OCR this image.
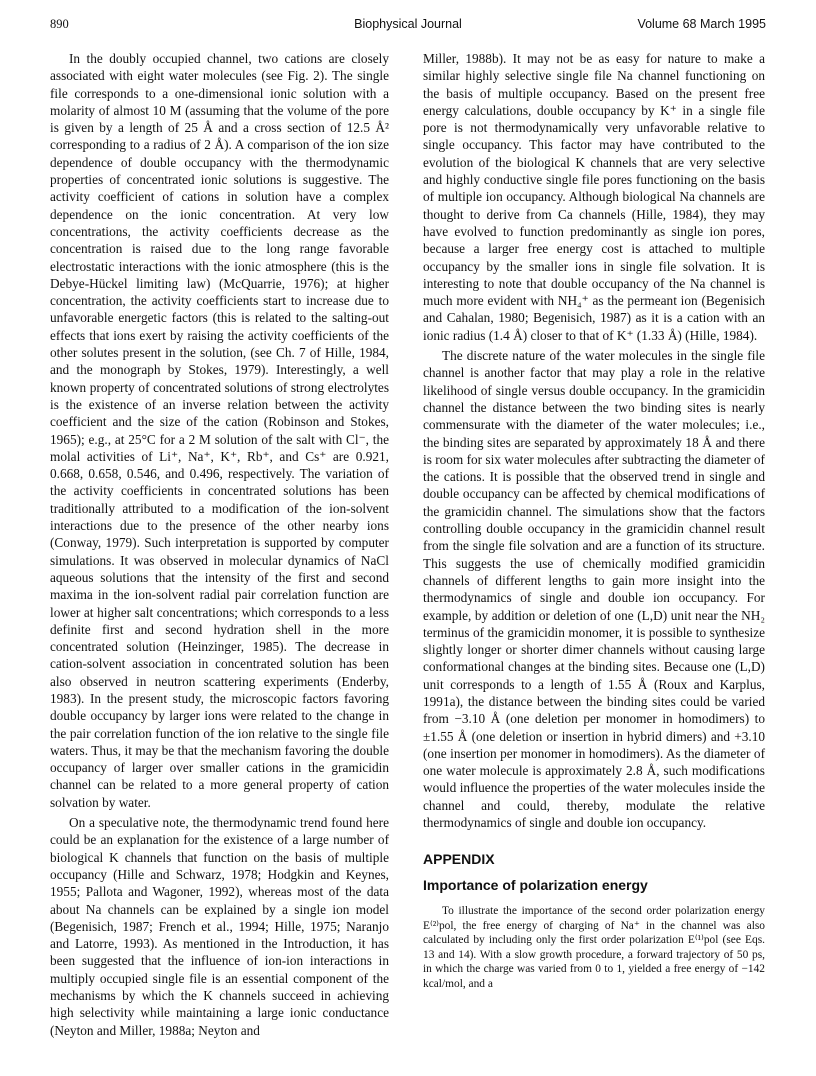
890	Biophysical Journal	Volume 68 March 1995

In the doubly occupied channel, two cations are closely associated with eight water molecules (see Fig. 2). The single file corresponds to a one-dimensional ionic solution with a molarity of almost 10 M (assuming that the volume of the pore is given by a length of 25 Å and a cross section of 12.5 Å² corresponding to a radius of 2 Å). A comparison of the ion size dependence of double occupancy with the thermodynamic properties of concentrated ionic solutions is suggestive. The activity coefficient of cations in solution have a complex dependence on the ionic concentration. At very low concentrations, the activity coefficients decrease as the concentration is raised due to the long range favorable electrostatic interactions with the ionic atmosphere (this is the Debye-Hückel limiting law) (McQuarrie, 1976); at higher concentration, the activity coefficients start to increase due to unfavorable energetic factors (this is related to the salting-out effects that ions exert by raising the activity coefficients of the other solutes present in the solution, (see Ch. 7 of Hille, 1984, and the monograph by Stokes, 1979). Interestingly, a well known property of concentrated solutions of strong electrolytes is the existence of an inverse relation between the activity coefficient and the size of the cation (Robinson and Stokes, 1965); e.g., at 25°C for a 2 M solution of the salt with Cl⁻, the molal activities of Li⁺, Na⁺, K⁺, Rb⁺, and Cs⁺ are 0.921, 0.668, 0.658, 0.546, and 0.496, respectively. The variation of the activity coefficients in concentrated solutions has been traditionally attributed to a modification of the ion-solvent interactions due to the presence of the other nearby ions (Conway, 1979). Such interpretation is supported by computer simulations. It was observed in molecular dynamics of NaCl aqueous solutions that the intensity of the first and second maxima in the ion-solvent radial pair correlation function are lower at higher salt concentrations; which corresponds to a less definite first and second hydration shell in the more concentrated solution (Heinzinger, 1985). The decrease in cation-solvent association in concentrated solution has been also observed in neutron scattering experiments (Enderby, 1983). In the present study, the microscopic factors favoring double occupancy by larger ions were related to the change in the pair correlation function of the ion relative to the single file waters. Thus, it may be that the mechanism favoring the double occupancy of larger over smaller cations in the gramicidin channel can be related to a more general property of cation solvation by water.

On a speculative note, the thermodynamic trend found here could be an explanation for the existence of a large number of biological K channels that function on the basis of multiple occupancy (Hille and Schwarz, 1978; Hodgkin and Keynes, 1955; Pallota and Wagoner, 1992), whereas most of the data about Na channels can be explained by a single ion model (Begenisich, 1987; French et al., 1994; Hille, 1975; Naranjo and Latorre, 1993). As mentioned in the Introduction, it has been suggested that the influence of ion-ion interactions in multiply occupied single file is an essential component of the mechanisms by which the K channels succeed in achieving high selectivity while maintaining a large ionic conductance (Neyton and Miller, 1988a; Neyton and

Miller, 1988b). It may not be as easy for nature to make a similar highly selective single file Na channel functioning on the basis of multiple occupancy. Based on the present free energy calculations, double occupancy by K⁺ in a single file pore is not thermodynamically very unfavorable relative to single occupancy. This factor may have contributed to the evolution of the biological K channels that are very selective and highly conductive single file pores functioning on the basis of multiple ion occupancy. Although biological Na channels are thought to derive from Ca channels (Hille, 1984), they may have evolved to function predominantly as single ion pores, because a larger free energy cost is attached to multiple occupancy by the smaller ions in single file solvation. It is interesting to note that double occupancy of the Na channel is much more evident with NH₄⁺ as the permeant ion (Begenisich and Cahalan, 1980; Begenisich, 1987) as it is a cation with an ionic radius (1.4 Å) closer to that of K⁺ (1.33 Å) (Hille, 1984).

The discrete nature of the water molecules in the single file channel is another factor that may play a role in the relative likelihood of single versus double occupancy. In the gramicidin channel the distance between the two binding sites is nearly commensurate with the diameter of the water molecules; i.e., the binding sites are separated by approximately 18 Å and there is room for six water molecules after subtracting the diameter of the cations. It is possible that the observed trend in single and double occupancy can be affected by chemical modifications of the gramicidin channel. The simulations show that the factors controlling double occupancy in the gramicidin channel result from the single file solvation and are a function of its structure. This suggests the use of chemically modified gramicidin channels of different lengths to gain more insight into the thermodynamics of single and double ion occupancy. For example, by addition or deletion of one (L,D) unit near the NH₂ terminus of the gramicidin monomer, it is possible to synthesize slightly longer or shorter dimer channels without causing large conformational changes at the binding sites. Because one (L,D) unit corresponds to a length of 1.55 Å (Roux and Karplus, 1991a), the distance between the binding sites could be varied from −3.10 Å (one deletion per monomer in homodimers) to ±1.55 Å (one deletion or insertion in hybrid dimers) and +3.10 (one insertion per monomer in homodimers). As the diameter of one water molecule is approximately 2.8 Å, such modifications would influence the properties of the water molecules inside the channel and could, thereby, modulate the relative thermodynamics of single and double ion occupancy.

APPENDIX
Importance of polarization energy

To illustrate the importance of the second order polarization energy E⁽²⁾pol, the free energy of charging of Na⁺ in the channel was also calculated by including only the first order polarization E⁽¹⁾pol (see Eqs. 13 and 14). With a slow growth procedure, a forward trajectory of 50 ps, in which the charge was varied from 0 to 1, yielded a free energy of −142 kcal/mol, and a
